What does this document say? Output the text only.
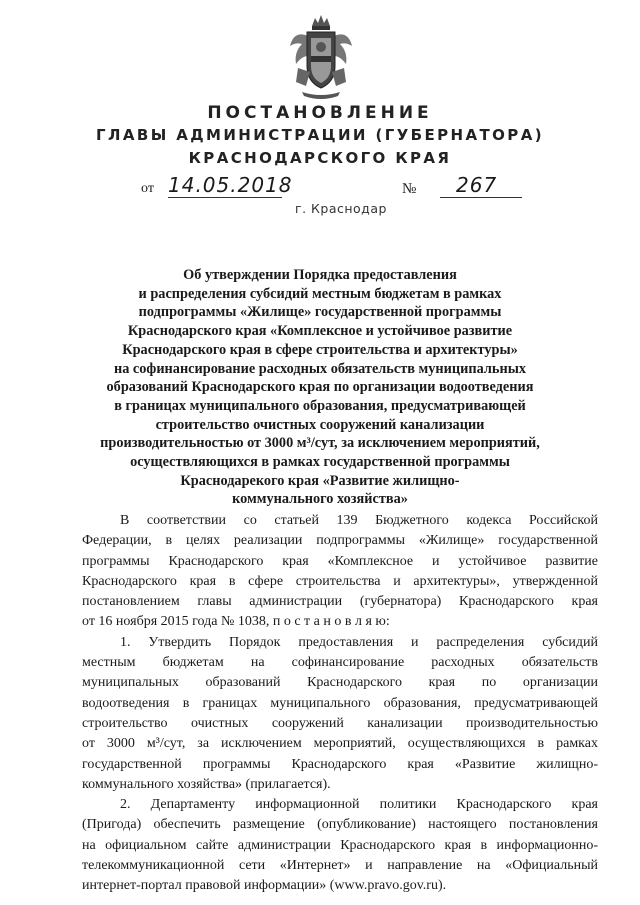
ПОСТАНОВЛЕНИЕ
ГЛАВЫ АДМИНИСТРАЦИИ (ГУБЕРНАТОРА)
КРАСНОДАРСКОГО КРАЯ
от 14.05.2018	№	267
г. Краснодар
Об утверждении Порядка предоставления
и распределения субсидий местным бюджетам в рамках
подпрограммы «Жилище» государственной программы
Краснодарского края «Комплексное и устойчивое развитие
Краснодарского края в сфере строительства и архитектуры»
на софинансирование расходных обязательств муниципальных
образований Краснодарского края по организации водоотведения
в границах муниципального образования, предусматривающей
строительство очистных сооружений канализации
производительностью от 3000 м³/сут, за исключением мероприятий,
осуществляющихся в рамках государственной программы
Краснодарекого края «Развитие жилищно-
коммунального хозяйства»

В соответствии со статьей 139 Бюджетного кодекса Российской

Федерации, в целях реализации подпрограммы «Жилище» государственной

программы Краснодарского края «Комплексное и устойчивое развитие

Краснодарского края в сфере строительства и архитектуры», утвержденной

постановлением главы администрации (губернатора) Краснодарского края

от 16 ноября 2015 года № 1038, п о с т а н о в л я ю:

1. Утвердить Порядок предоставления и распределения субсидий

местным бюджетам на софинансирование расходных обязательств

муниципальных образований Краснодарского края по организации

водоотведения в границах муниципального образования, предусматривающей

строительство очистных сооружений канализации производительностью

от 3000 м³/сут, за исключением мероприятий, осуществляющихся в рамках

государственной программы Краснодарского края «Развитие жилищно-

коммунального хозяйства» (прилагается).

2. Департаменту информационной политики Краснодарского края

(Пригода) обеспечить размещение (опубликование) настоящего постановления

на официальном сайте администрации Краснодарского края в информационно-

телекоммуникационной сети «Интернет» и направление на «Официальный

интернет-портал правовой информации» (www.pravo.gov.ru).
